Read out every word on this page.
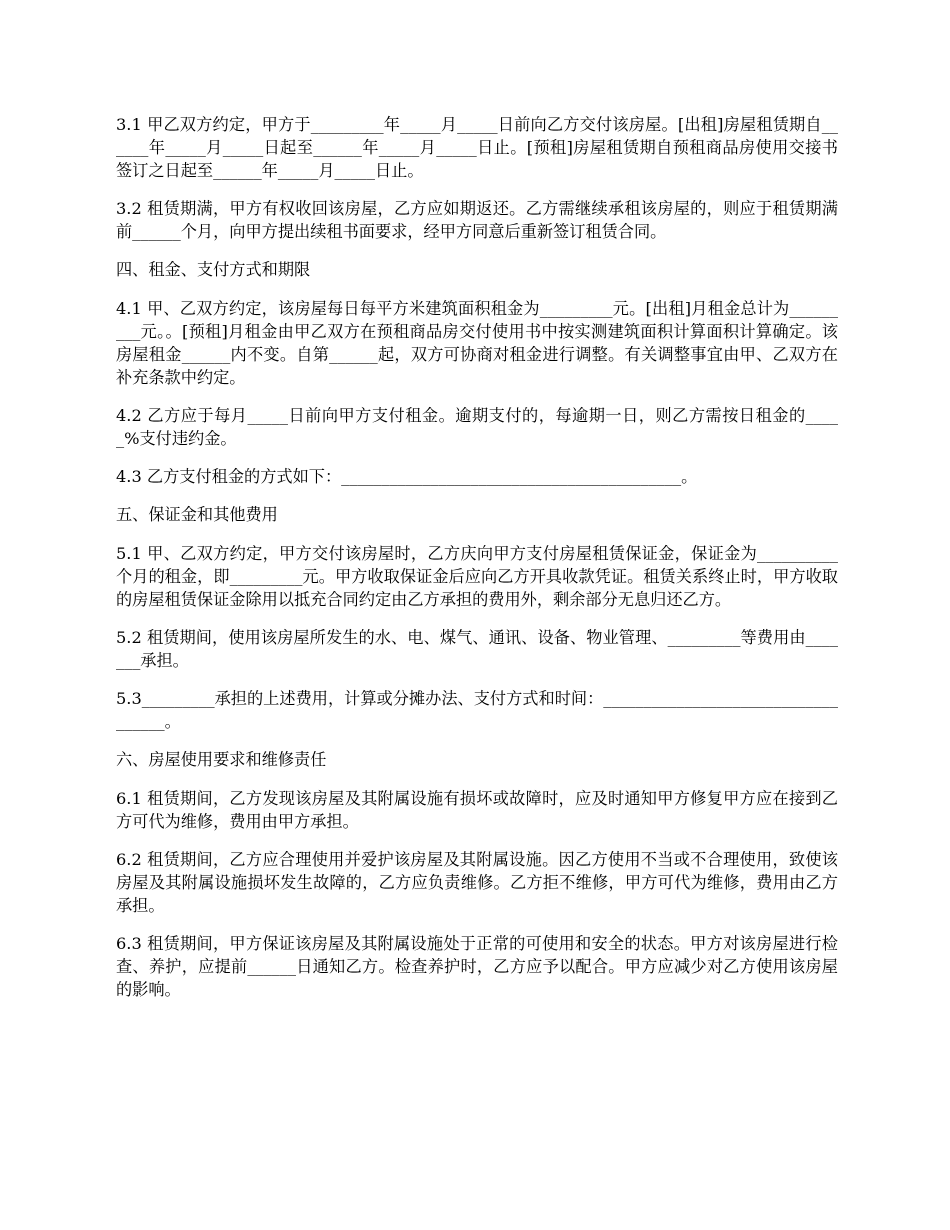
3.1 甲乙双方约定，甲方于_________年_____月_____日前向乙方交付该房屋。[出租]房屋租赁期自______年_____月_____日起至______年_____月_____日止。[预租]房屋租赁期自预租商品房使用交接书签订之日起至______年_____月_____日止。

3.2 租赁期满，甲方有权收回该房屋，乙方应如期返还。乙方需继续承租该房屋的，则应于租赁期满前______个月，向甲方提出续租书面要求，经甲方同意后重新签订租赁合同。

四、租金、支付方式和期限

4.1 甲、乙双方约定，该房屋每日每平方米建筑面积租金为_________元。[出租]月租金总计为_________元。。[预租]月租金由甲乙双方在预租商品房交付使用书中按实测建筑面积计算面积计算确定。该房屋租金______内不变。自第______起，双方可协商对租金进行调整。有关调整事宜由甲、乙双方在补充条款中约定。

4.2 乙方应于每月_____日前向甲方支付租金。逾期支付的，每逾期一日，则乙方需按日租金的_____%支付违约金。

4.3 乙方支付租金的方式如下：__________________________________________。

五、保证金和其他费用

5.1 甲、乙双方约定，甲方交付该房屋时，乙方庆向甲方支付房屋租赁保证金，保证金为__________个月的租金，即_________元。甲方收取保证金后应向乙方开具收款凭证。租赁关系终止时，甲方收取的房屋租赁保证金除用以抵充合同约定由乙方承担的费用外，剩余部分无息归还乙方。

5.2 租赁期间，使用该房屋所发生的水、电、煤气、通讯、设备、物业管理、_________等费用由_______承担。

5.3_________承担的上述费用，计算或分摊办法、支付方式和时间：___________________________________。

六、房屋使用要求和维修责任

6.1 租赁期间，乙方发现该房屋及其附属设施有损坏或故障时，应及时通知甲方修复甲方应在接到乙方可代为维修，费用由甲方承担。

6.2 租赁期间，乙方应合理使用并爱护该房屋及其附属设施。因乙方使用不当或不合理使用，致使该房屋及其附属设施损坏发生故障的，乙方应负责维修。乙方拒不维修，甲方可代为维修，费用由乙方承担。

6.3 租赁期间，甲方保证该房屋及其附属设施处于正常的可使用和安全的状态。甲方对该房屋进行检查、养护，应提前______日通知乙方。检查养护时，乙方应予以配合。甲方应减少对乙方使用该房屋的影响。
